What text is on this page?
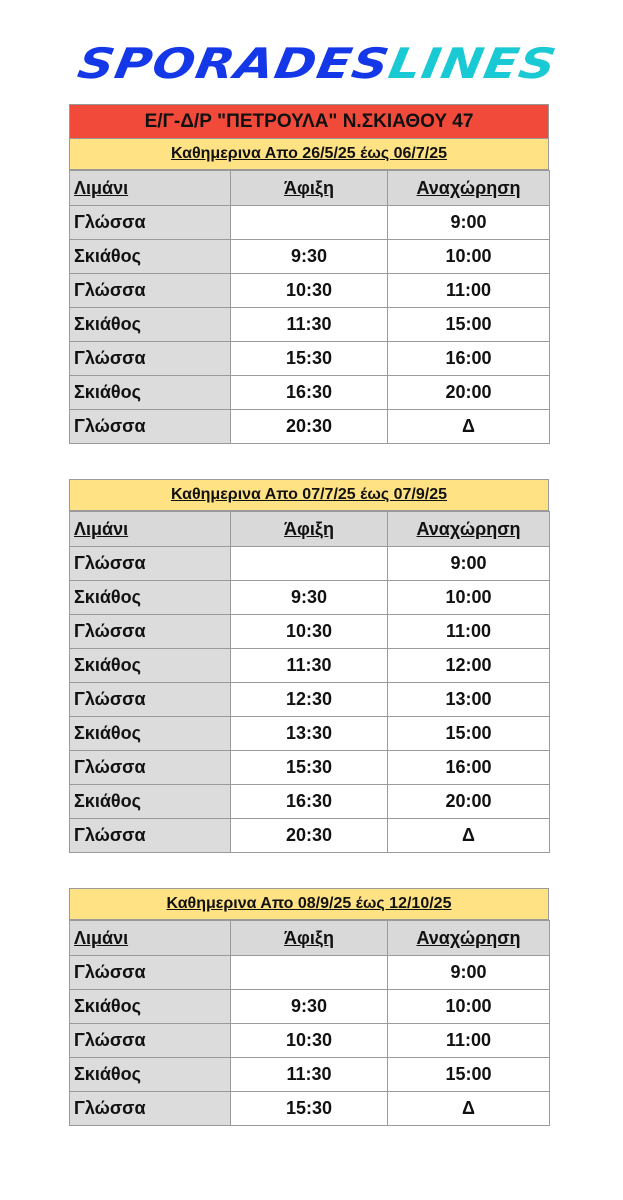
SPORADESLINES
Ε/Γ-Δ/Ρ "ΠΕΤΡΟΥΛΑ" Ν.ΣΚΙΑΘΟΥ 47
Καθημερινα Απο 26/5/25 έως 06/7/25
Λιμάνι	Άφιξη	Αναχώρηση
Γλώσσα		9:00
Σκιάθος	9:30	10:00
Γλώσσα	10:30	11:00
Σκιάθος	11:30	15:00
Γλώσσα	15:30	16:00
Σκιάθος	16:30	20:00
Γλώσσα	20:30	Δ
Καθημερινα Απο 07/7/25 έως 07/9/25
Λιμάνι	Άφιξη	Αναχώρηση
Γλώσσα		9:00
Σκιάθος	9:30	10:00
Γλώσσα	10:30	11:00
Σκιάθος	11:30	12:00
Γλώσσα	12:30	13:00
Σκιάθος	13:30	15:00
Γλώσσα	15:30	16:00
Σκιάθος	16:30	20:00
Γλώσσα	20:30	Δ
Καθημερινα Απο 08/9/25 έως 12/10/25
Λιμάνι	Άφιξη	Αναχώρηση
Γλώσσα		9:00
Σκιάθος	9:30	10:00
Γλώσσα	10:30	11:00
Σκιάθος	11:30	15:00
Γλώσσα	15:30	Δ
